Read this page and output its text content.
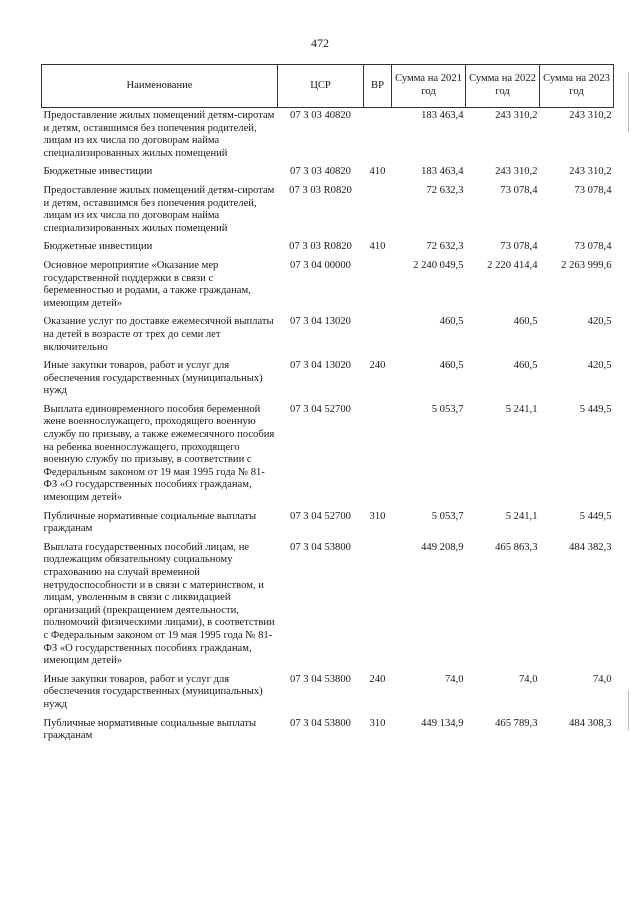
472
Наименование	ЦСР	ВР	Сумма на 2021 год	Сумма на 2022 год	Сумма на 2023 год
Предоставление жилых помещений детям-сиротам и детям, оставшимся без попечения родителей, лицам из их числа по договорам найма специализированных жилых помещений	07 3 03 40820		183 463,4	243 310,2	243 310,2
Бюджетные инвестиции	07 3 03 40820	410	183 463,4	243 310,2	243 310,2
Предоставление жилых помещений детям-сиротам и детям, оставшимся без попечения родителей, лицам из их числа по договорам найма специализированных жилых помещений	07 3 03 R0820		72 632,3	73 078,4	73 078,4
Бюджетные инвестиции	07 3 03 R0820	410	72 632,3	73 078,4	73 078,4
Основное мероприятие «Оказание мер государственной поддержки в связи с беременностью и родами, а также гражданам, имеющим детей»	07 3 04 00000		2 240 049,5	2 220 414,4	2 263 999,6
Оказание услуг по доставке ежемесячной выплаты на детей в возрасте от трех до семи лет включительно	07 3 04 13020		460,5	460,5	420,5
Иные закупки товаров, работ и услуг для обеспечения государственных (муниципальных) нужд	07 3 04 13020	240	460,5	460,5	420,5
Выплата единовременного пособия беременной жене военнослужащего, проходящего военную службу по призыву, а также ежемесячного пособия на ребенка военнослужащего, проходящего военную службу по призыву, в соответствии с Федеральным законом от 19 мая 1995 года № 81-ФЗ «О государственных пособиях гражданам, имеющим детей»	07 3 04 52700		5 053,7	5 241,1	5 449,5
Публичные нормативные социальные выплаты гражданам	07 3 04 52700	310	5 053,7	5 241,1	5 449,5
Выплата государственных пособий лицам, не подлежащим обязательному социальному страхованию на случай временной нетрудоспособности и в связи с материнством, и лицам, уволенным в связи с ликвидацией организаций (прекращением деятельности, полномочий физическими лицами), в соответствии с Федеральным законом от 19 мая 1995 года № 81-ФЗ «О государственных пособиях гражданам, имеющим детей»	07 3 04 53800		449 208,9	465 863,3	484 382,3
Иные закупки товаров, работ и услуг для обеспечения государственных (муниципальных) нужд	07 3 04 53800	240	74,0	74,0	74,0
Публичные нормативные социальные выплаты гражданам	07 3 04 53800	310	449 134,9	465 789,3	484 308,3
